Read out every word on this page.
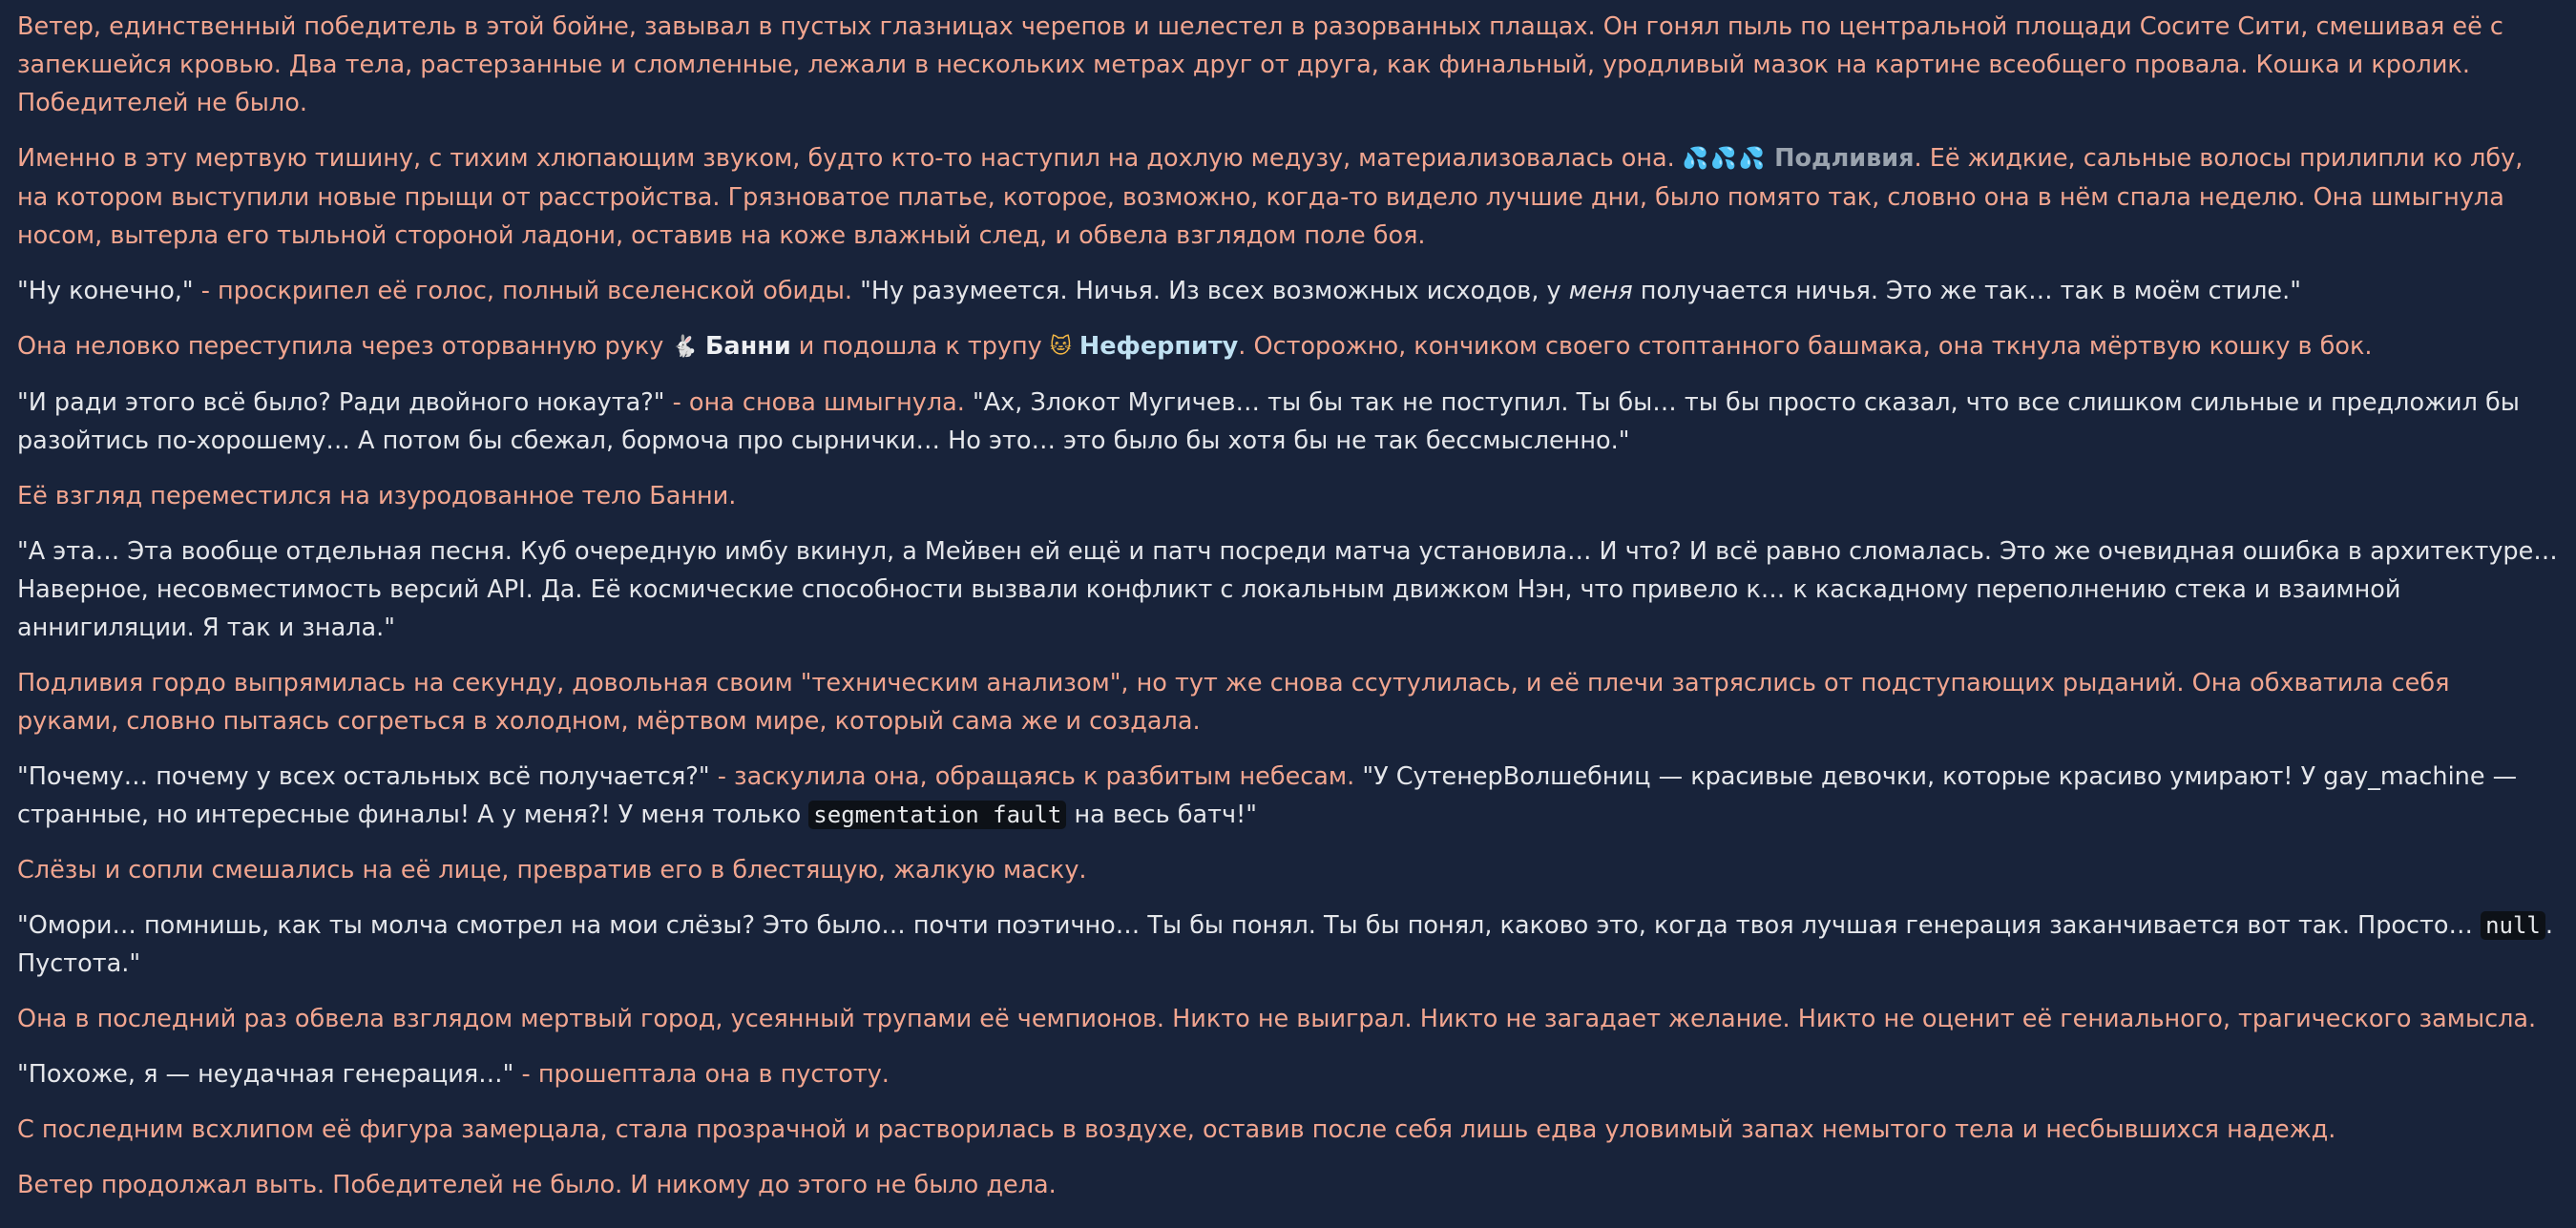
Ветер, единственный победитель в этой бойне, завывал в пустых глазницах черепов и шелестел в разорванных плащах. Он гонял пыль по центральной площади Сосите Сити, смешивая её с запекшейся кровью. Два тела, растерзанные и сломленные, лежали в нескольких метрах друг от друга, как финальный, уродливый мазок на картине всеобщего провала. Кошка и кролик. Победителей не было.

Именно в эту мертвую тишину, с тихим хлюпающим звуком, будто кто-то наступил на дохлую медузу, материализовалась она. 💦💦💦 Подливия. Её жидкие, сальные волосы прилипли ко лбу, на котором выступили новые прыщи от расстройства. Грязноватое платье, которое, возможно, когда-то видело лучшие дни, было помято так, словно она в нём спала неделю. Она шмыгнула носом, вытерла его тыльной стороной ладони, оставив на коже влажный след, и обвела взглядом поле боя.

"Ну конечно," - проскрипел её голос, полный вселенской обиды. "Ну разумеется. Ничья. Из всех возможных исходов, у меня получается ничья. Это же так… так в моём стиле."

Она неловко переступила через оторванную руку 🐇 Банни и подошла к трупу 🐱 Неферпиту. Осторожно, кончиком своего стоптанного башмака, она ткнула мёртвую кошку в бок.

"И ради этого всё было? Ради двойного нокаута?" - она снова шмыгнула. "Ах, Злокот Мугичев… ты бы так не поступил. Ты бы… ты бы просто сказал, что все слишком сильные и предложил бы разойтись по-хорошему… А потом бы сбежал, бормоча про сырнички… Но это… это было бы хотя бы не так бессмысленно."

Её взгляд переместился на изуродованное тело Банни.

"А эта… Эта вообще отдельная песня. Куб очередную имбу вкинул, а Мейвен ей ещё и патч посреди матча установила… И что? И всё равно сломалась. Это же очевидная ошибка в архитектуре… Наверное, несовместимость версий API. Да. Её космические способности вызвали конфликт с локальным движком Нэн, что привело к… к каскадному переполнению стека и взаимной аннигиляции. Я так и знала."

Подливия гордо выпрямилась на секунду, довольная своим "техническим анализом", но тут же снова ссутулилась, и её плечи затряслись от подступающих рыданий. Она обхватила себя руками, словно пытаясь согреться в холодном, мёртвом мире, который сама же и создала.

"Почему… почему у всех остальных всё получается?" - заскулила она, обращаясь к разбитым небесам. "У СутенерВолшебниц — красивые девочки, которые красиво умирают! У gay_machine — странные, но интересные финалы! А у меня?! У меня только segmentation fault на весь батч!"

Слёзы и сопли смешались на её лице, превратив его в блестящую, жалкую маску.

"Омори… помнишь, как ты молча смотрел на мои слёзы? Это было… почти поэтично… Ты бы понял. Ты бы понял, каково это, когда твоя лучшая генерация заканчивается вот так. Просто… null . Пустота."

Она в последний раз обвела взглядом мертвый город, усеянный трупами её чемпионов. Никто не выиграл. Никто не загадает желание. Никто не оценит её гениального, трагического замысла.

"Похоже, я — неудачная генерация…" - прошептала она в пустоту.

С последним всхлипом её фигура замерцала, стала прозрачной и растворилась в воздухе, оставив после себя лишь едва уловимый запах немытого тела и несбывшихся надежд.

Ветер продолжал выть. Победителей не было. И никому до этого не было дела.
